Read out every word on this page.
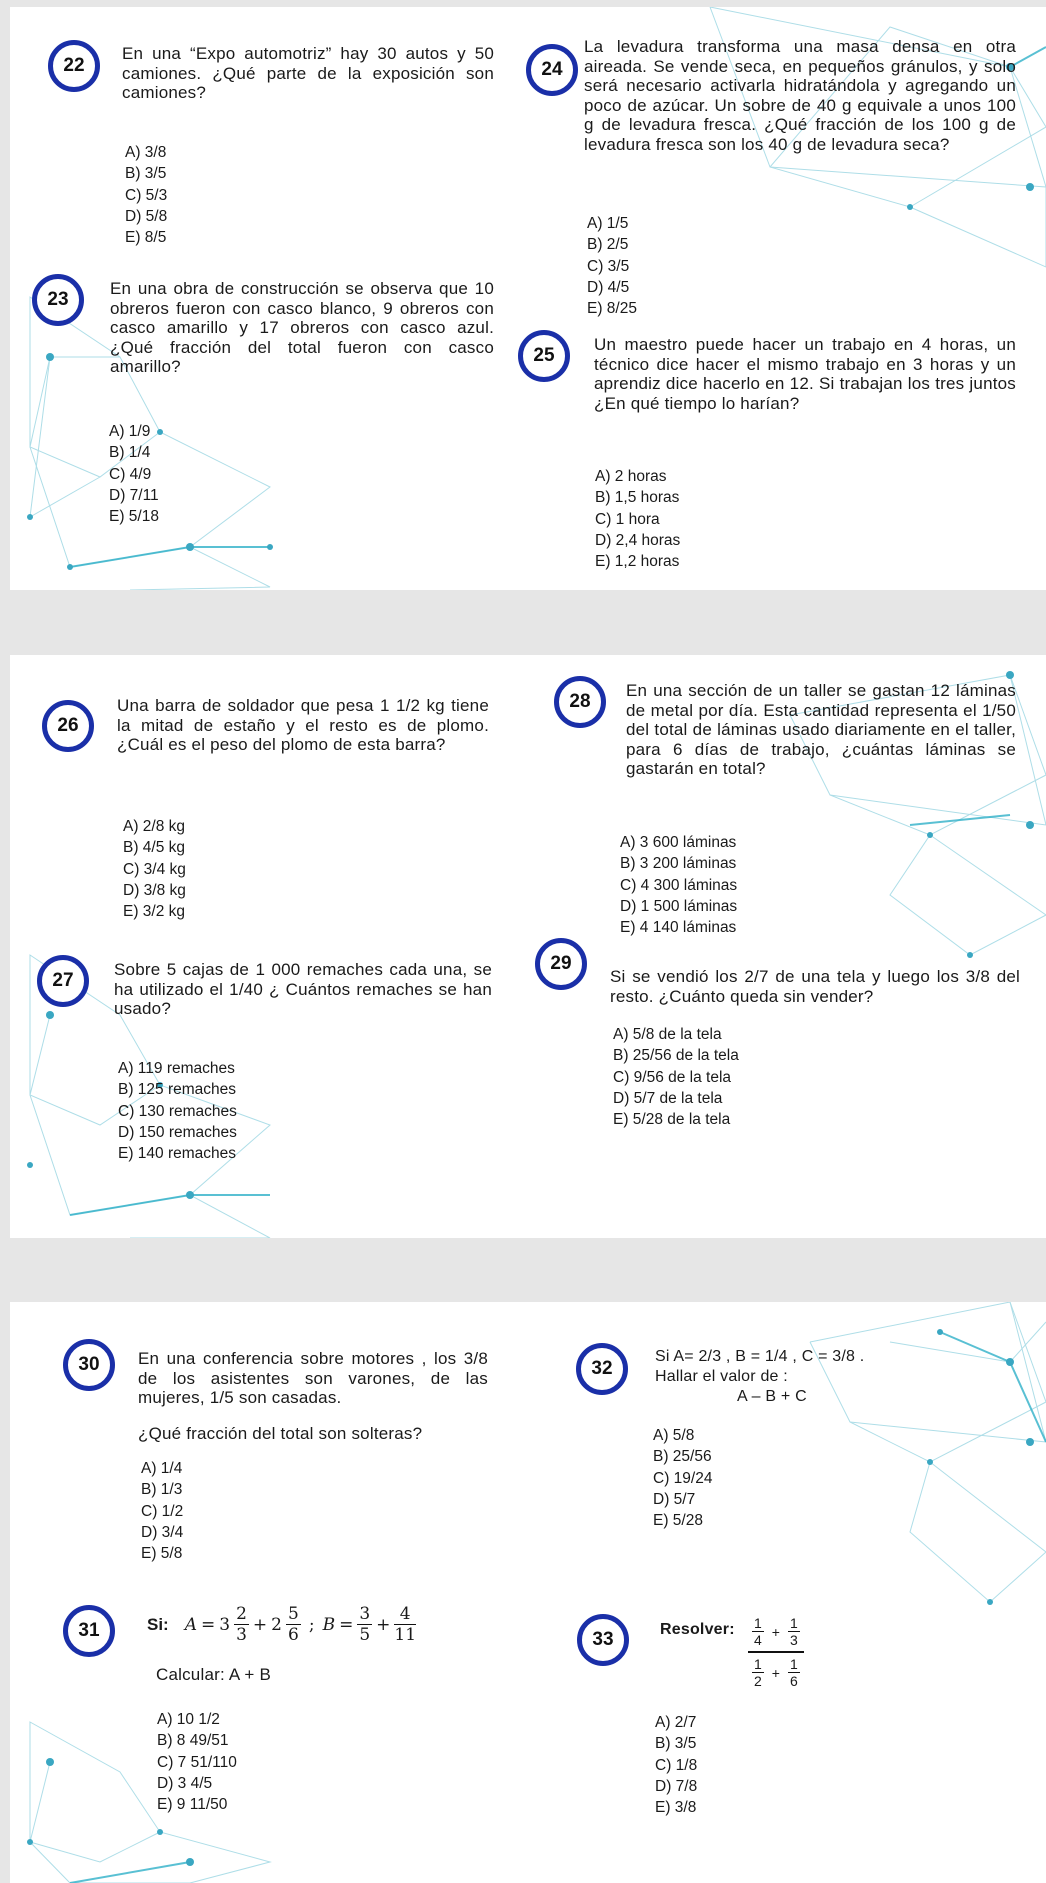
22
En una “Expo automotriz” hay 30 autos y 50 camiones. ¿Qué parte de la exposición son camiones?
A) 3/8
B) 3/5
C) 5/3
D) 5/8
E) 8/5
23
En una obra de construcción se observa que 10 obreros fueron con casco blanco, 9 obreros con casco amarillo y 17 obreros con casco azul. ¿Qué fracción del total fueron con casco amarillo?
A) 1/9
B) 1/4
C) 4/9
D) 7/11
E) 5/18
24
La levadura transforma una masa densa en otra aireada. Se vende seca, en pequeños gránulos, y solo será necesario activarla hidratándola y agregando un poco de azúcar. Un sobre de 40 g equivale a unos 100 g de levadura fresca. ¿Qué fracción de los 100 g de levadura fresca son los 40 g de levadura seca?
A) 1/5
B) 2/5
C) 3/5
D) 4/5
E) 8/25
25
Un maestro puede hacer un trabajo en 4 horas, un técnico dice hacer el mismo trabajo en 3 horas y un aprendiz dice hacerlo en 12. Si trabajan los tres juntos ¿En qué tiempo lo harían?
A) 2 horas
B) 1,5 horas
C) 1 hora
D) 2,4 horas
E) 1,2 horas
26
Una barra de soldador que pesa 1 1/2 kg tiene la mitad de estaño y el resto es de plomo. ¿Cuál es el peso del plomo de esta barra?
A) 2/8 kg
B) 4/5 kg
C) 3/4 kg
D) 3/8 kg
E) 3/2 kg
27
Sobre 5 cajas de 1 000 remaches cada una, se ha utilizado el 1/40 ¿ Cuántos remaches se han usado?
A) 119 remaches
B) 125 remaches
C) 130 remaches
D) 150 remaches
E) 140 remaches
28
En una sección de un taller se gastan 12 láminas de metal por día. Esta cantidad representa el 1/50 del total de láminas usado diariamente en el taller, para 6 días de trabajo, ¿cuántas láminas se gastarán en total?
A) 3 600 láminas
B) 3 200 láminas
C) 4 300 láminas
D) 1 500 láminas
E) 4 140 láminas
29
Si se vendió los 2/7 de una tela y luego los 3/8 del resto. ¿Cuánto queda sin vender?
A) 5/8 de la tela
B) 25/56 de la tela
C) 9/56 de la tela
D) 5/7 de la tela
E) 5/28 de la tela
30	En una conferencia sobre motores , los 3/8 de los asistentes son varones, de las mujeres, 1/5 son casadas.
¿Qué fracción del total son solteras?
A) 1/4
B) 1/3
C) 1/2
D) 3/4
E) 5/8
31	Si: $A = 3 \frac{2}{3} + 2 \frac{5}{6}$ ; $B = \frac{3}{5} + \frac{4}{11}$
Calcular: A + B
A) 10 1/2
B) 8 49/51
C) 7 51/110
D) 3 4/5
E) 9 11/50
32
Si A= 2/3 , B = 1/4 , C = 3/8 .
Hallar el valor de :
A – B + C
A) 5/8
B) 25/56
C) 19/24
D) 5/7
E) 5/28
33	Resolver: $\frac{1}{4} + \frac{1}{3}$
$\frac{1}{2} + \frac{1}{6}$
A) 2/7
B) 3/5
C) 1/8
D) 7/8
E) 3/8
